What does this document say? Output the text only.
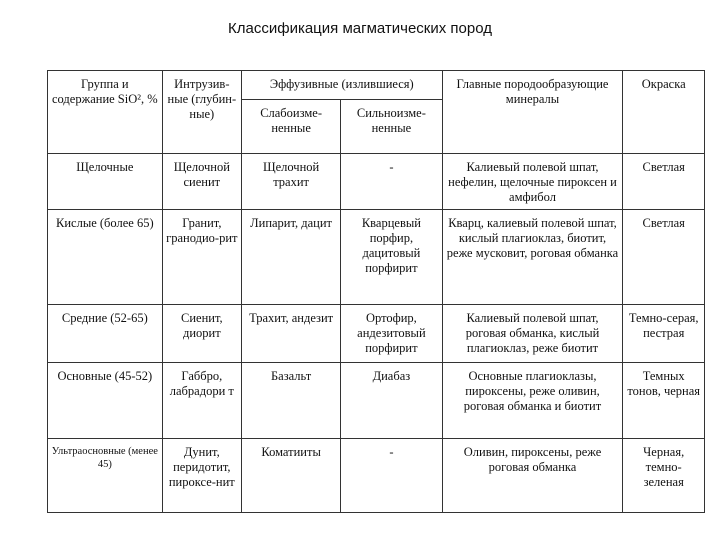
Классификация магматических пород
Группа и содержание SiO², %	Интрузив-ные (глубин-ные)	Эффузивные (излившиеся)		Главные породообразующие минералы	Окраска
		Слабоизме-ненные	Сильноизме-ненные		
Щелочные	Щелочной сиенит	Щелочной трахит	-	Калиевый полевой шпат, нефелин, щелочные пироксен и амфибол	Светлая
Кислые (более 65)	Гранит, гранодио-рит	Липарит, дацит	Кварцевый порфир, дацитовый порфирит	Кварц, калиевый полевой шпат, кислый плагиоклаз, биотит, реже мусковит, роговая обманка	Светлая
Средние (52-65)	Сиенит, диорит	Трахит, андезит	Ортофир, андезитовый порфирит	Калиевый полевой шпат, роговая обманка, кислый плагиоклаз, реже биотит	Темно-серая, пестрая
Основные (45-52)	Габбро, лабрадори т	Базальт	Диабаз	Основные плагиоклазы, пироксены, реже оливин, роговая обманка и биотит	Темных тонов, черная
Ультраосновные (менее 45)	Дунит, перидотит, пироксе-нит	Коматииты	-	Оливин, пироксены, реже роговая обманка	Черная, темно-зеленая
